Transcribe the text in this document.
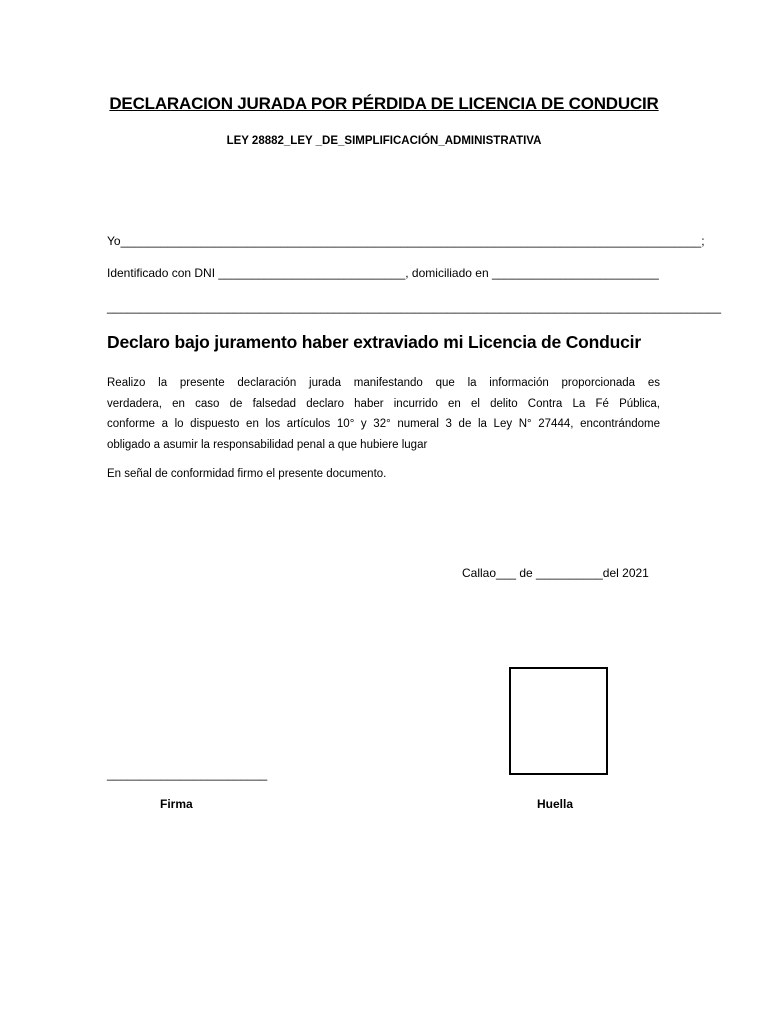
DECLARACION JURADA POR PÉRDIDA DE LICENCIA DE CONDUCIR
LEY 28882_LEY _DE_SIMPLIFICACIÓN_ADMINISTRATIVA
Yo_______________________________________________________________________________________;
Identificado con DNI ____________________________, domiciliado en _________________________
____________________________________________________________________________________________
Declaro bajo juramento haber extraviado mi Licencia de Conducir
Realizo la presente declaración jurada manifestando que la información proporcionada es
verdadera, en caso de falsedad declaro haber incurrido en el delito Contra La Fé Pública,
conforme a lo dispuesto en los artículos 10° y 32° numeral 3 de la Ley N° 27444, encontrándome
obligado a asumir la responsabilidad penal a que hubiere lugar
En señal de conformidad firmo el presente documento.
Callao___ de __________del 2021
________________________
Firma	Huella
